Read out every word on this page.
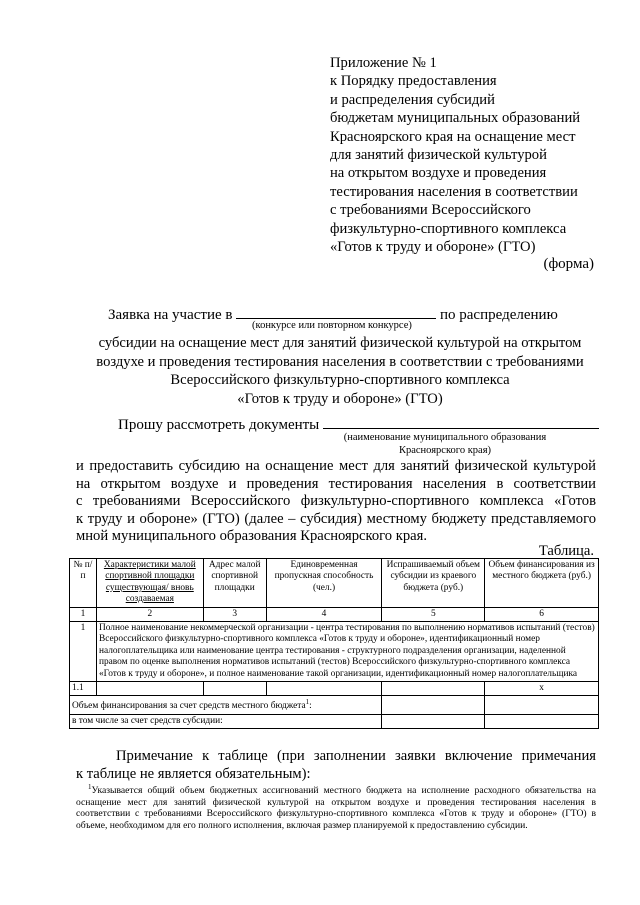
Приложение № 1
к Порядку предоставления
и распределения субсидий
бюджетам муниципальных образований
Красноярского края на оснащение мест
для занятий физической культурой
на открытом воздухе и проведения
тестирования населения в соответствии
с требованиями Всероссийского
физкультурно-спортивного комплекса
«Готов к труду и обороне» (ГТО)
(форма)
Заявка на участие в	по распределению
(конкурсе или повторном конкурсе)
субсидии на оснащение мест для занятий физической культурой на открытом
воздухе и проведения тестирования населения в соответствии с требованиями
Всероссийского физкультурно-спортивного комплекса
«Готов к труду и обороне» (ГТО)
Прошу рассмотреть документы
(наименование муниципального образования
Красноярского края)
и предоставить субсидию на оснащение мест для занятий физической культурой
на открытом воздухе и проведения тестирования населения в соответствии
с требованиями Всероссийского физкультурно-спортивного комплекса «Готов
к труду и обороне» (ГТО) (далее – субсидия) местному бюджету представляемого
мной муниципального образования Красноярского края.
Таблица.
№ п/п	Характеристики малой спортивной площадки существующая/ вновь создаваемая	Адрес малой спортивной площадки	Единовременная пропускная способность (чел.)	Испрашиваемый объем субсидии из краевого бюджета (руб.)	Объем финансирования из местного бюджета (руб.)
1	2	3	4	5	6
1	Полное наименование некоммерческой организации - центра тестирования по выполнению нормативов испытаний (тестов) Всероссийского физкультурно-спортивного комплекса «Готов к труду и обороне», идентификационный номер налогоплательщика или наименование центра тестирования - структурного подразделения организации, наделенной правом по оценке выполнения нормативов испытаний (тестов) Всероссийского физкультурно-спортивного комплекса «Готов к труду и обороне», и полное наименование такой организации, идентификационный номер налогоплательщика				
1.1					х
Объем финансирования за счет средств местного бюджета$^1$:					
в том числе за счет средств субсидии:					
Примечание к таблице (при заполнении заявки включение примечания
к таблице не является обязательным):
$^1$Указывается общий объем бюджетных ассигнований местного бюджета на исполнение расходного обязательства на оснащение мест для занятий физической культурой на открытом воздухе и проведения тестирования населения в соответствии с требованиями Всероссийского физкультурно-спортивного комплекса «Готов к труду и обороне» (ГТО) в объеме, необходимом для его полного исполнения, включая размер планируемой к предоставлению субсидии.
